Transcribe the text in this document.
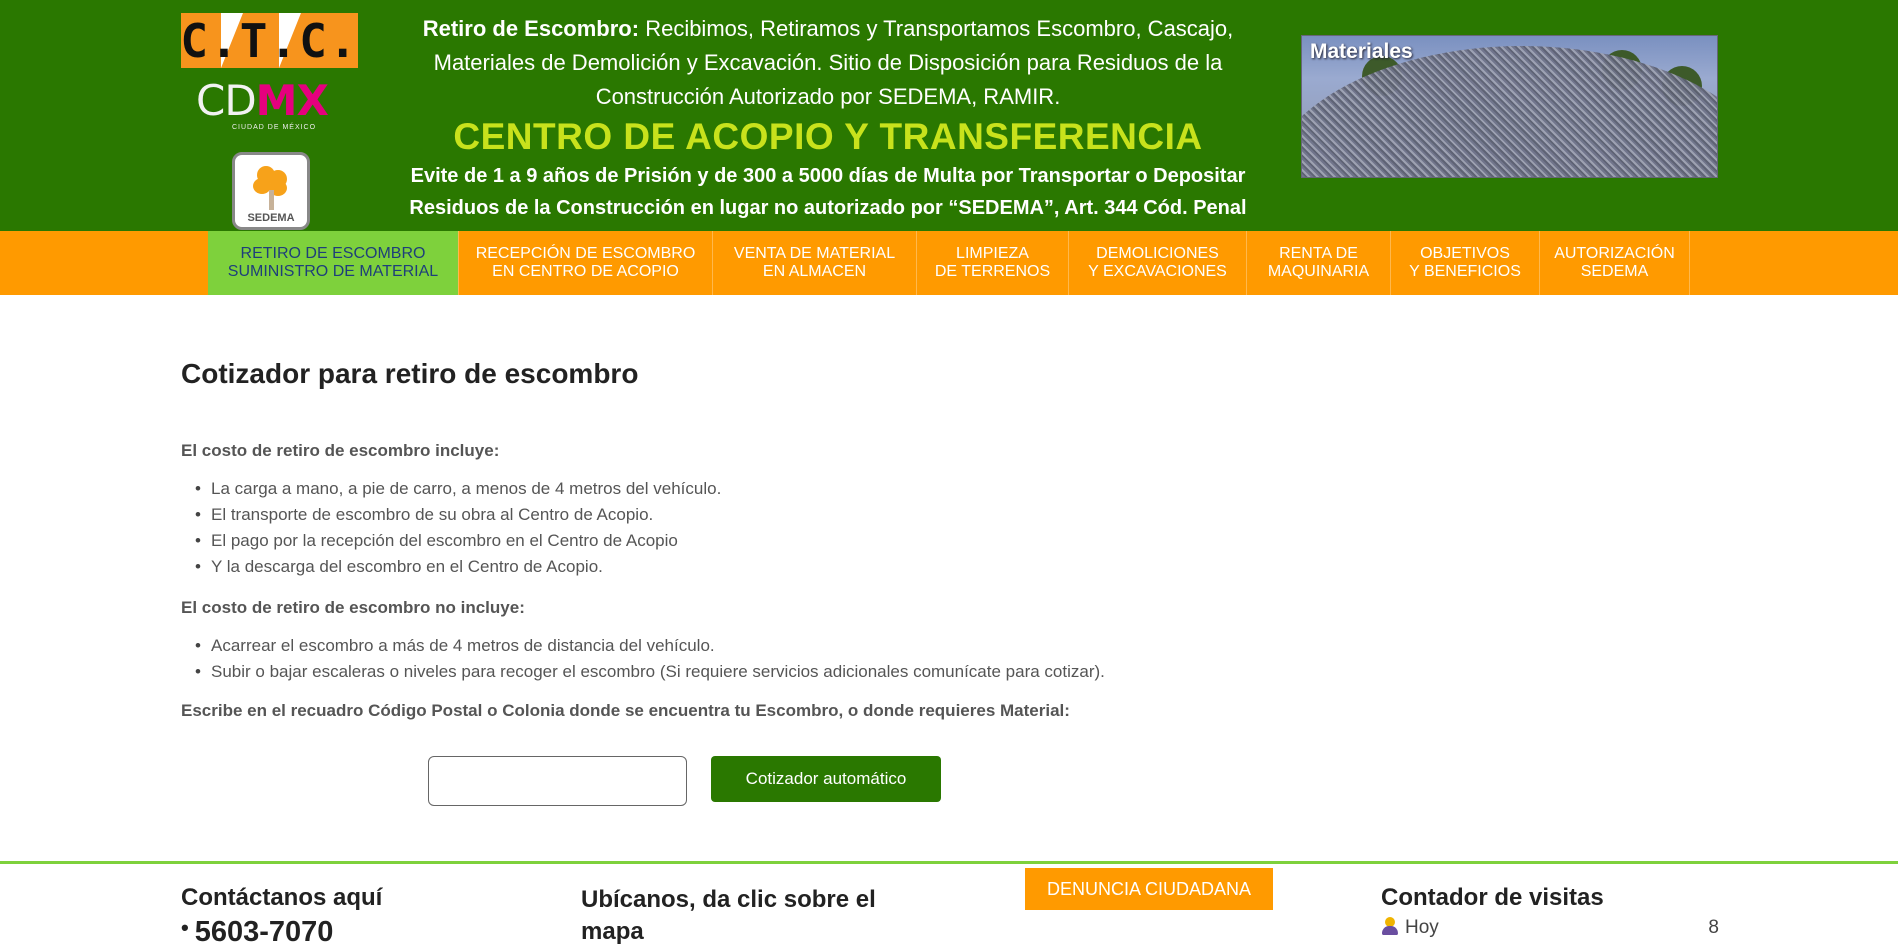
C.T.C.
CDMX
CIUDAD DE MÉXICO
SEDEMA
Retiro de Escombro: Recibimos, Retiramos y Transportamos Escombro, Cascajo, Materiales de Demolición y Excavación. Sitio de Disposición para Residuos de la Construcción Autorizado por SEDEMA, RAMIR.
CENTRO DE ACOPIO Y TRANSFERENCIA
Evite de 1 a 9 años de Prisión y de 300 a 5000 días de Multa por Transportar o Depositar
Residuos de la Construcción en lugar no autorizado por “SEDEMA”, Art. 344 Cód. Penal
Materiales
RETIRO DE ESCOMBRO
SUMINISTRO DE MATERIAL
RECEPCIÓN DE ESCOMBRO
EN CENTRO DE ACOPIO
VENTA DE MATERIAL
EN ALMACEN
LIMPIEZA
DE TERRENOS
DEMOLICIONES
Y EXCAVACIONES
RENTA DE
MAQUINARIA
OBJETIVOS
Y BENEFICIOS
AUTORIZACIÓN
SEDEMA
Cotizador para retiro de escombro
El costo de retiro de escombro incluye:
• La carga a mano, a pie de carro, a menos de 4 metros del vehículo.
• El transporte de escombro de su obra al Centro de Acopio.
• El pago por la recepción del escombro en el Centro de Acopio
• Y la descarga del escombro en el Centro de Acopio.
El costo de retiro de escombro no incluye:
• Acarrear el escombro a más de 4 metros de distancia del vehículo.
• Subir o bajar escaleras o niveles para recoger el escombro (Si requiere servicios adicionales comunícate para cotizar).
Escribe en el recuadro Código Postal o Colonia donde se encuentra tu Escombro, o donde requieres Material:
Cotizador automático
Contáctanos aquí
• 5603-7070
Ubícanos, da clic sobre el mapa
DENUNCIA CIUDADANA	Contador de visitas
Hoy	8
